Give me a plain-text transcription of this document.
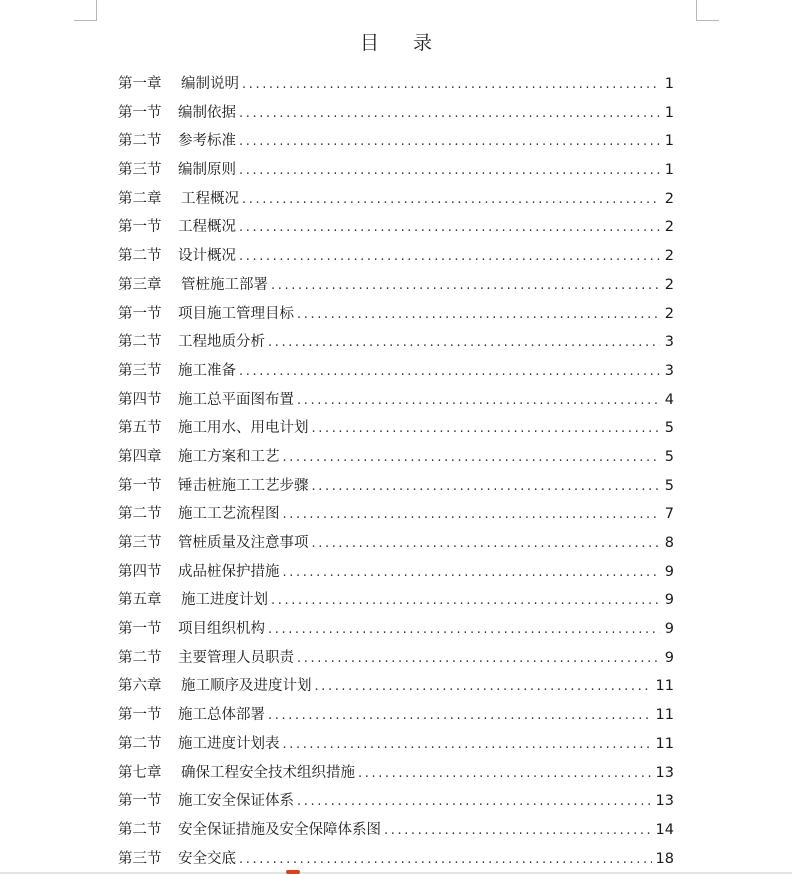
目 录
第一章	编制说明 .....	1
第一节	编制依据 .....	1
第二节	参考标准 .....	1
第三节	编制原则 .....	1
第二章	工程概况 .....	2
第一节	工程概况 .....	2
第二节	设计概况 .....	2
第三章	管桩施工部署 .....	2
第一节	项目施工管理目标 .....	2
第二节	工程地质分析 .....	3
第三节	施工准备 .....	3
第四节	施工总平面图布置 .....	4
第五节	施工用水、用电计划 .....	5
第四章	施工方案和工艺 .....	5
第一节	锤击桩施工工艺步骤 .....	5
第二节	施工工艺流程图 .....	7
第三节	管桩质量及注意事项 .....	8
第四节	成品桩保护措施 .....	9
第五章	施工进度计划 .....	9
第一节	项目组织机构 .....	9
第二节	主要管理人员职责 .....	9
第六章	施工顺序及进度计划 .....	11
第一节	施工总体部署 .....	11
第二节	施工进度计划表 .....	11
第七章	确保工程安全技术组织措施 .....	13
第一节	施工安全保证体系 .....	13
第二节	安全保证措施及安全保障体系图 .....	14
第三节	安全交底 .....	18
